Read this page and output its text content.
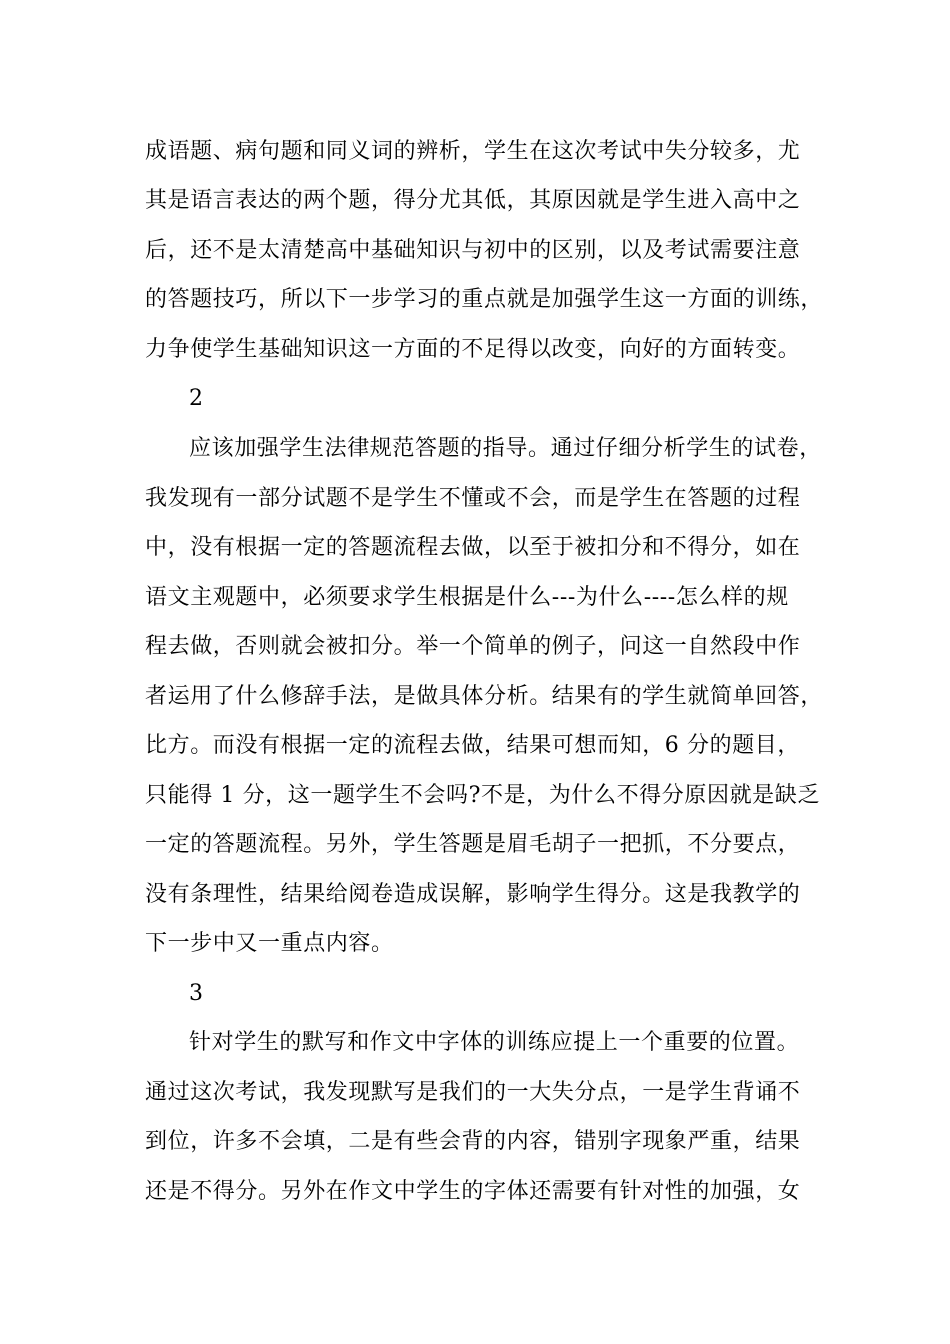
成语题、病句题和同义词的辨析，学生在这次考试中失分较多，尤
其是语言表达的两个题，得分尤其低，其原因就是学生进入高中之
后，还不是太清楚高中基础知识与初中的区别，以及考试需要注意
的答题技巧，所以下一步学习的重点就是加强学生这一方面的训练，
力争使学生基础知识这一方面的不足得以改变，向好的方面转变。
2
应该加强学生法律规范答题的指导。通过仔细分析学生的试卷，
我发现有一部分试题不是学生不懂或不会，而是学生在答题的过程
中，没有根据一定的答题流程去做，以至于被扣分和不得分，如在
语文主观题中，必须要求学生根据是什么---为什么----怎么样的规
程去做，否则就会被扣分。举一个简单的例子，问这一自然段中作
者运用了什么修辞手法，是做具体分析。结果有的学生就简单回答，
比方。而没有根据一定的流程去做，结果可想而知，6 分的题目，
只能得 1 分，这一题学生不会吗?不是，为什么不得分原因就是缺乏
一定的答题流程。另外，学生答题是眉毛胡子一把抓，不分要点，
没有条理性，结果给阅卷造成误解，影响学生得分。这是我教学的
下一步中又一重点内容。
3
针对学生的默写和作文中字体的训练应提上一个重要的位置。
通过这次考试，我发现默写是我们的一大失分点，一是学生背诵不
到位，许多不会填，二是有些会背的内容，错别字现象严重，结果
还是不得分。另外在作文中学生的字体还需要有针对性的加强，女
